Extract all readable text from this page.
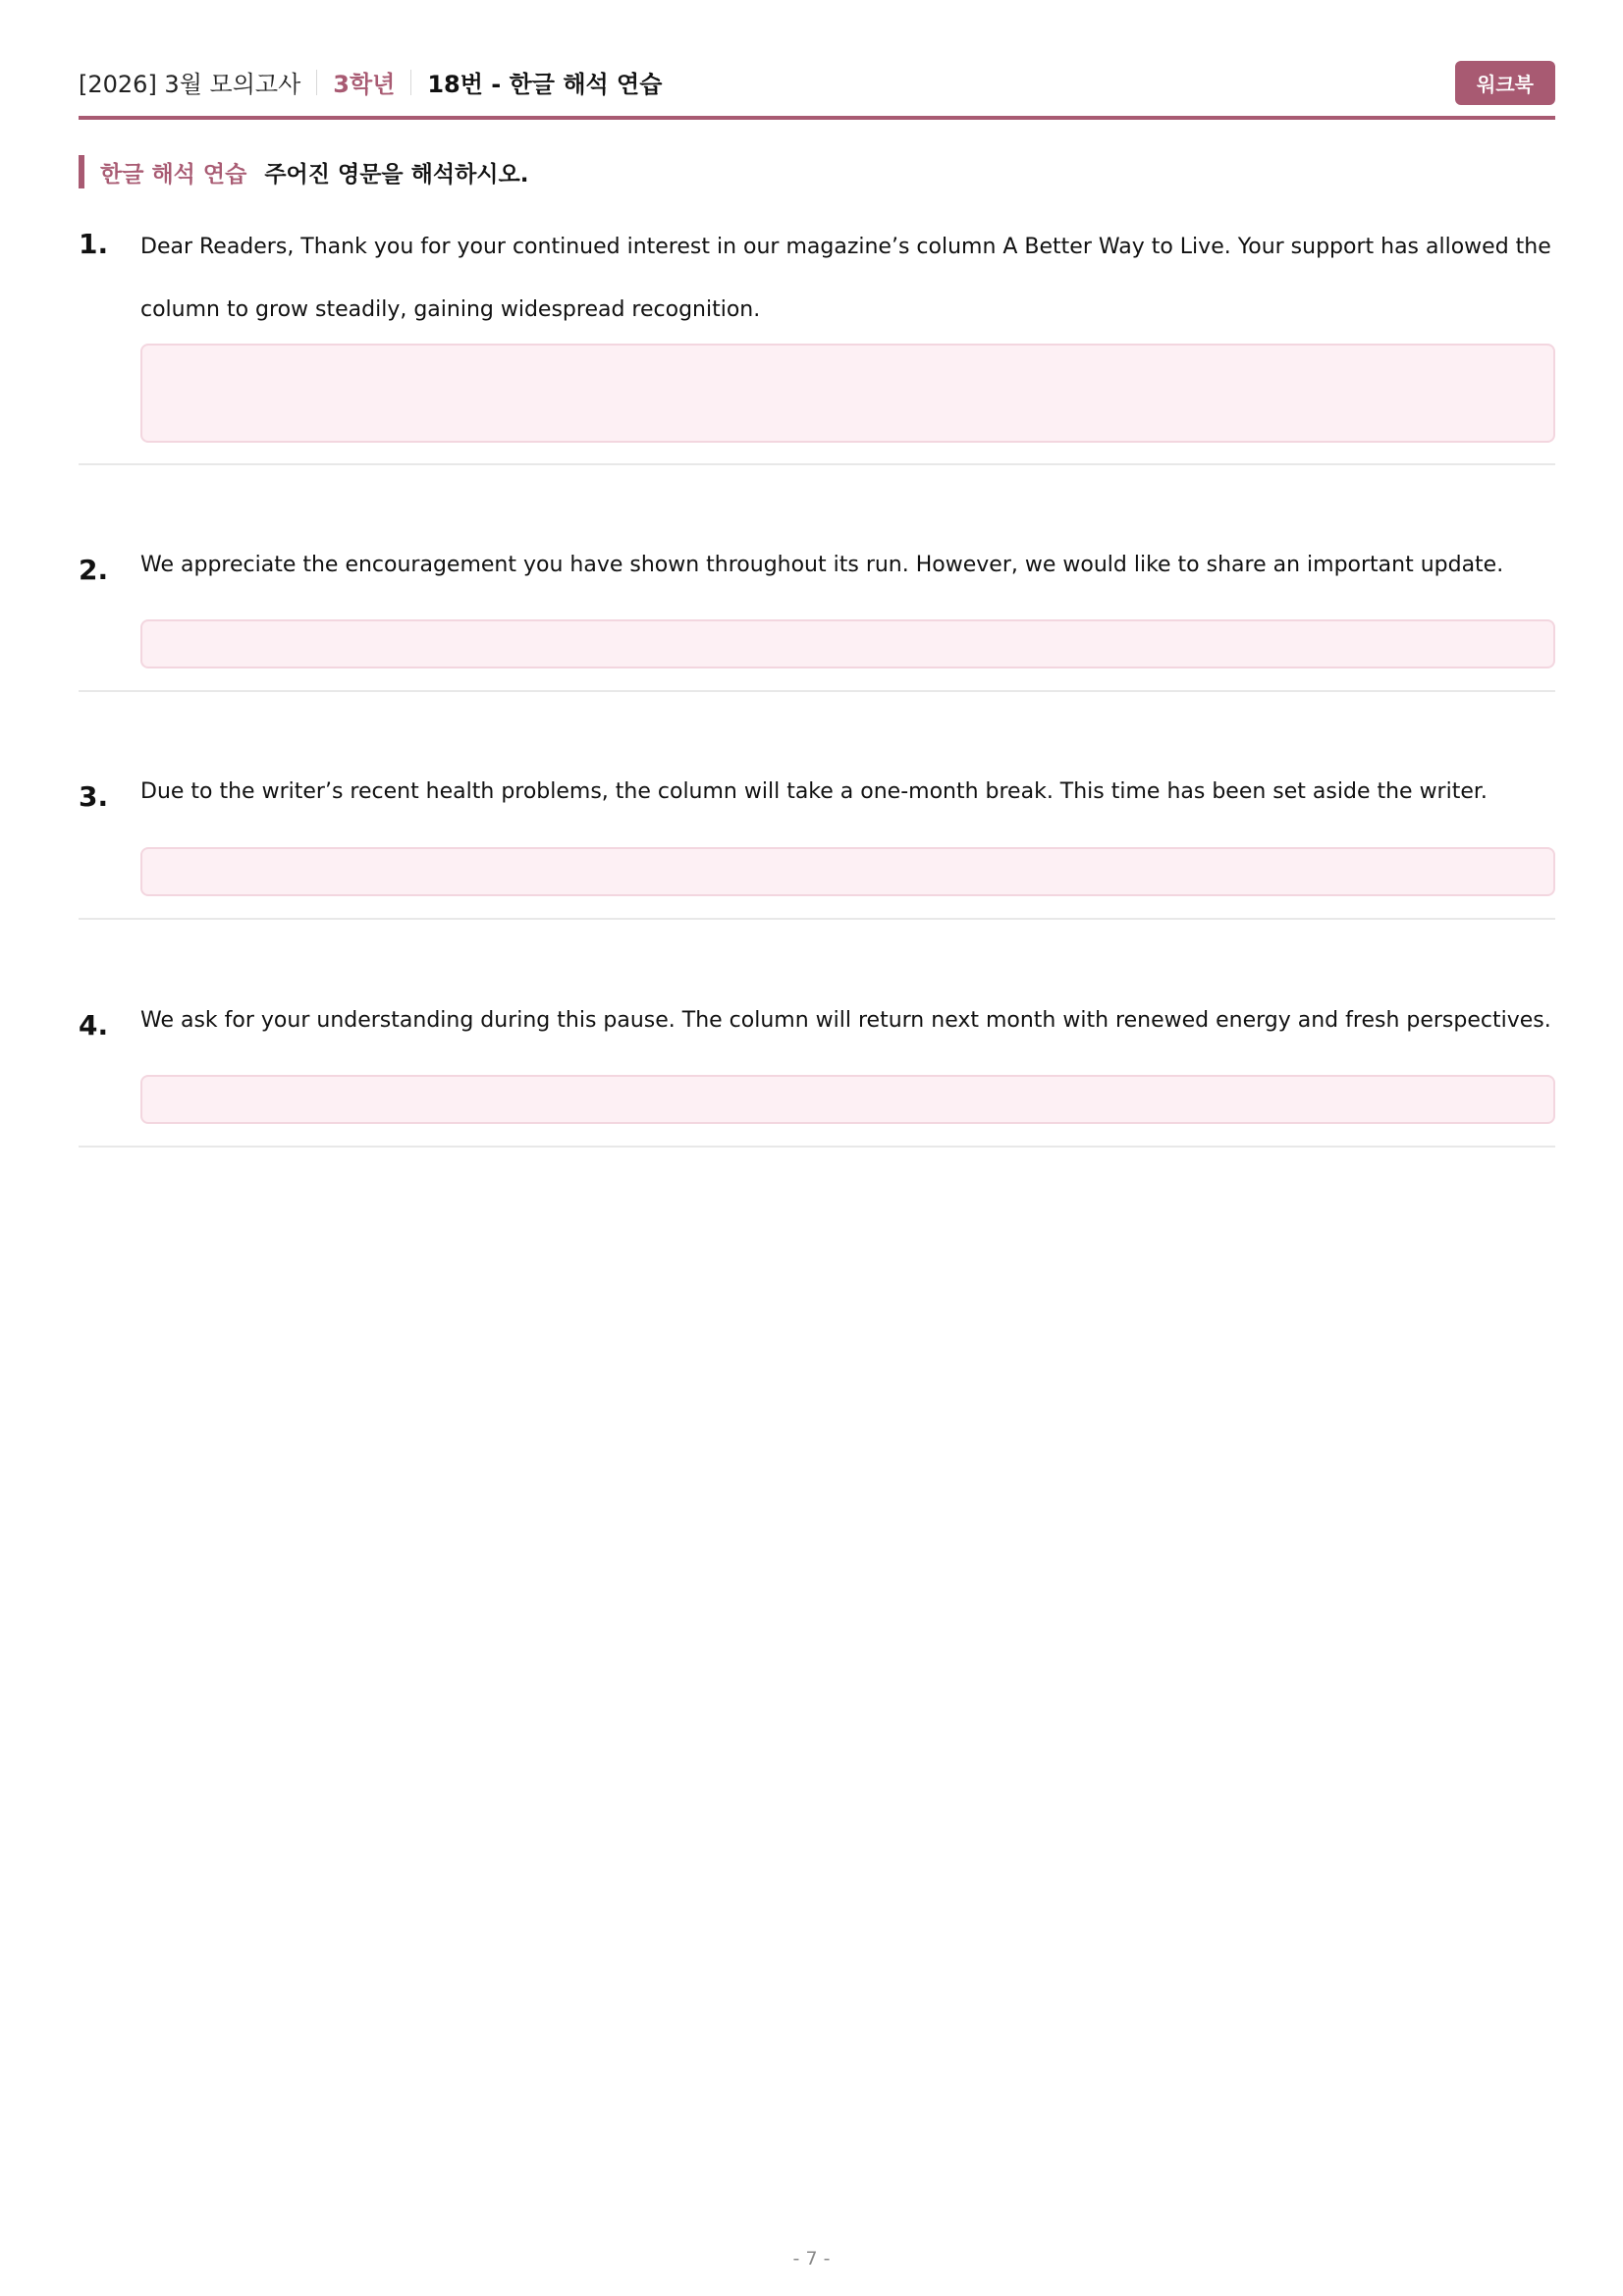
[2026] 3월 모의고사 3학년 18번 - 한글 해석 연습	워크북
한글 해석 연습 주어진 영문을 해석하시오.
1. Dear Readers, Thank you for your continued interest in our magazine’s column A Better Way to Live. Your support has allowed the column to grow steadily, gaining widespread recognition.
2. We appreciate the encouragement you have shown throughout its run. However, we would like to share an important update.
3. Due to the writer’s recent health problems, the column will take a one-month break. This time has been set aside the writer.
4. We ask for your understanding during this pause. The column will return next month with renewed energy and fresh perspectives.
- 7 -
